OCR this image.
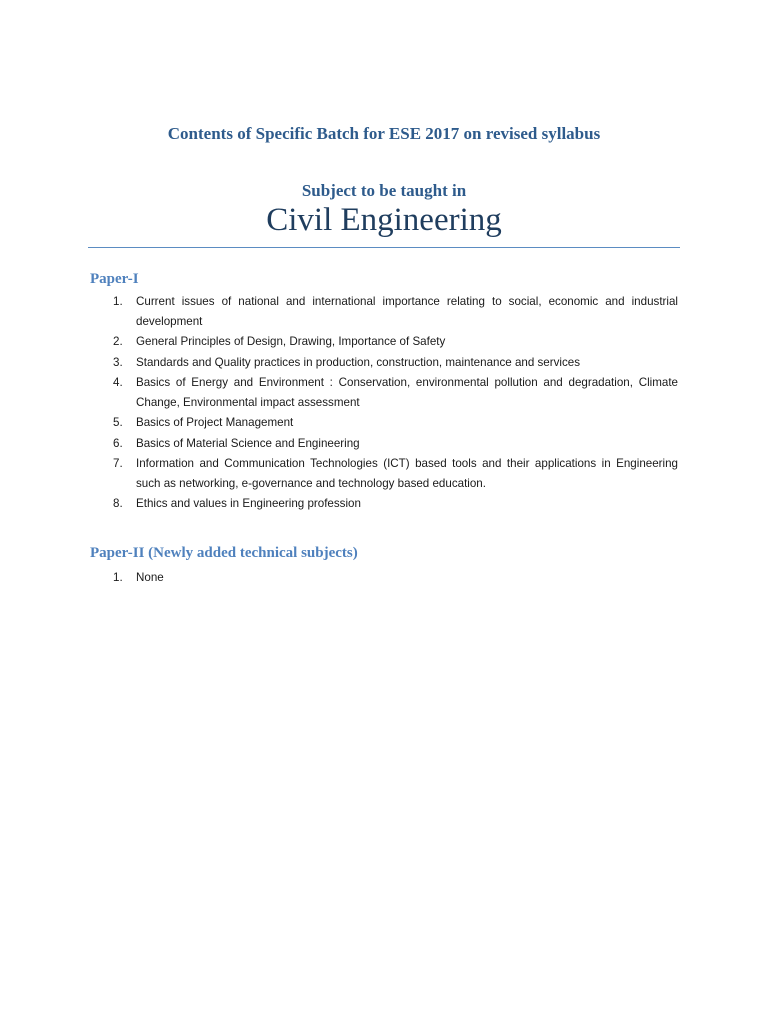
Contents of Specific Batch for ESE 2017 on revised syllabus
Subject to be taught in
Civil Engineering
Paper-I
1. Current issues of national and international importance relating to social, economic and industrial development
2. General Principles of Design, Drawing, Importance of Safety
3. Standards and Quality practices in production, construction, maintenance and services
4. Basics of Energy and Environment : Conservation, environmental pollution and degradation, Climate Change, Environmental impact assessment
5. Basics of Project Management
6. Basics of Material Science and Engineering
7. Information and Communication Technologies (ICT) based tools and their applications in Engineering such as networking, e-governance and technology based education.
8. Ethics and values in Engineering profession
Paper-II (Newly added technical subjects)
1. None
